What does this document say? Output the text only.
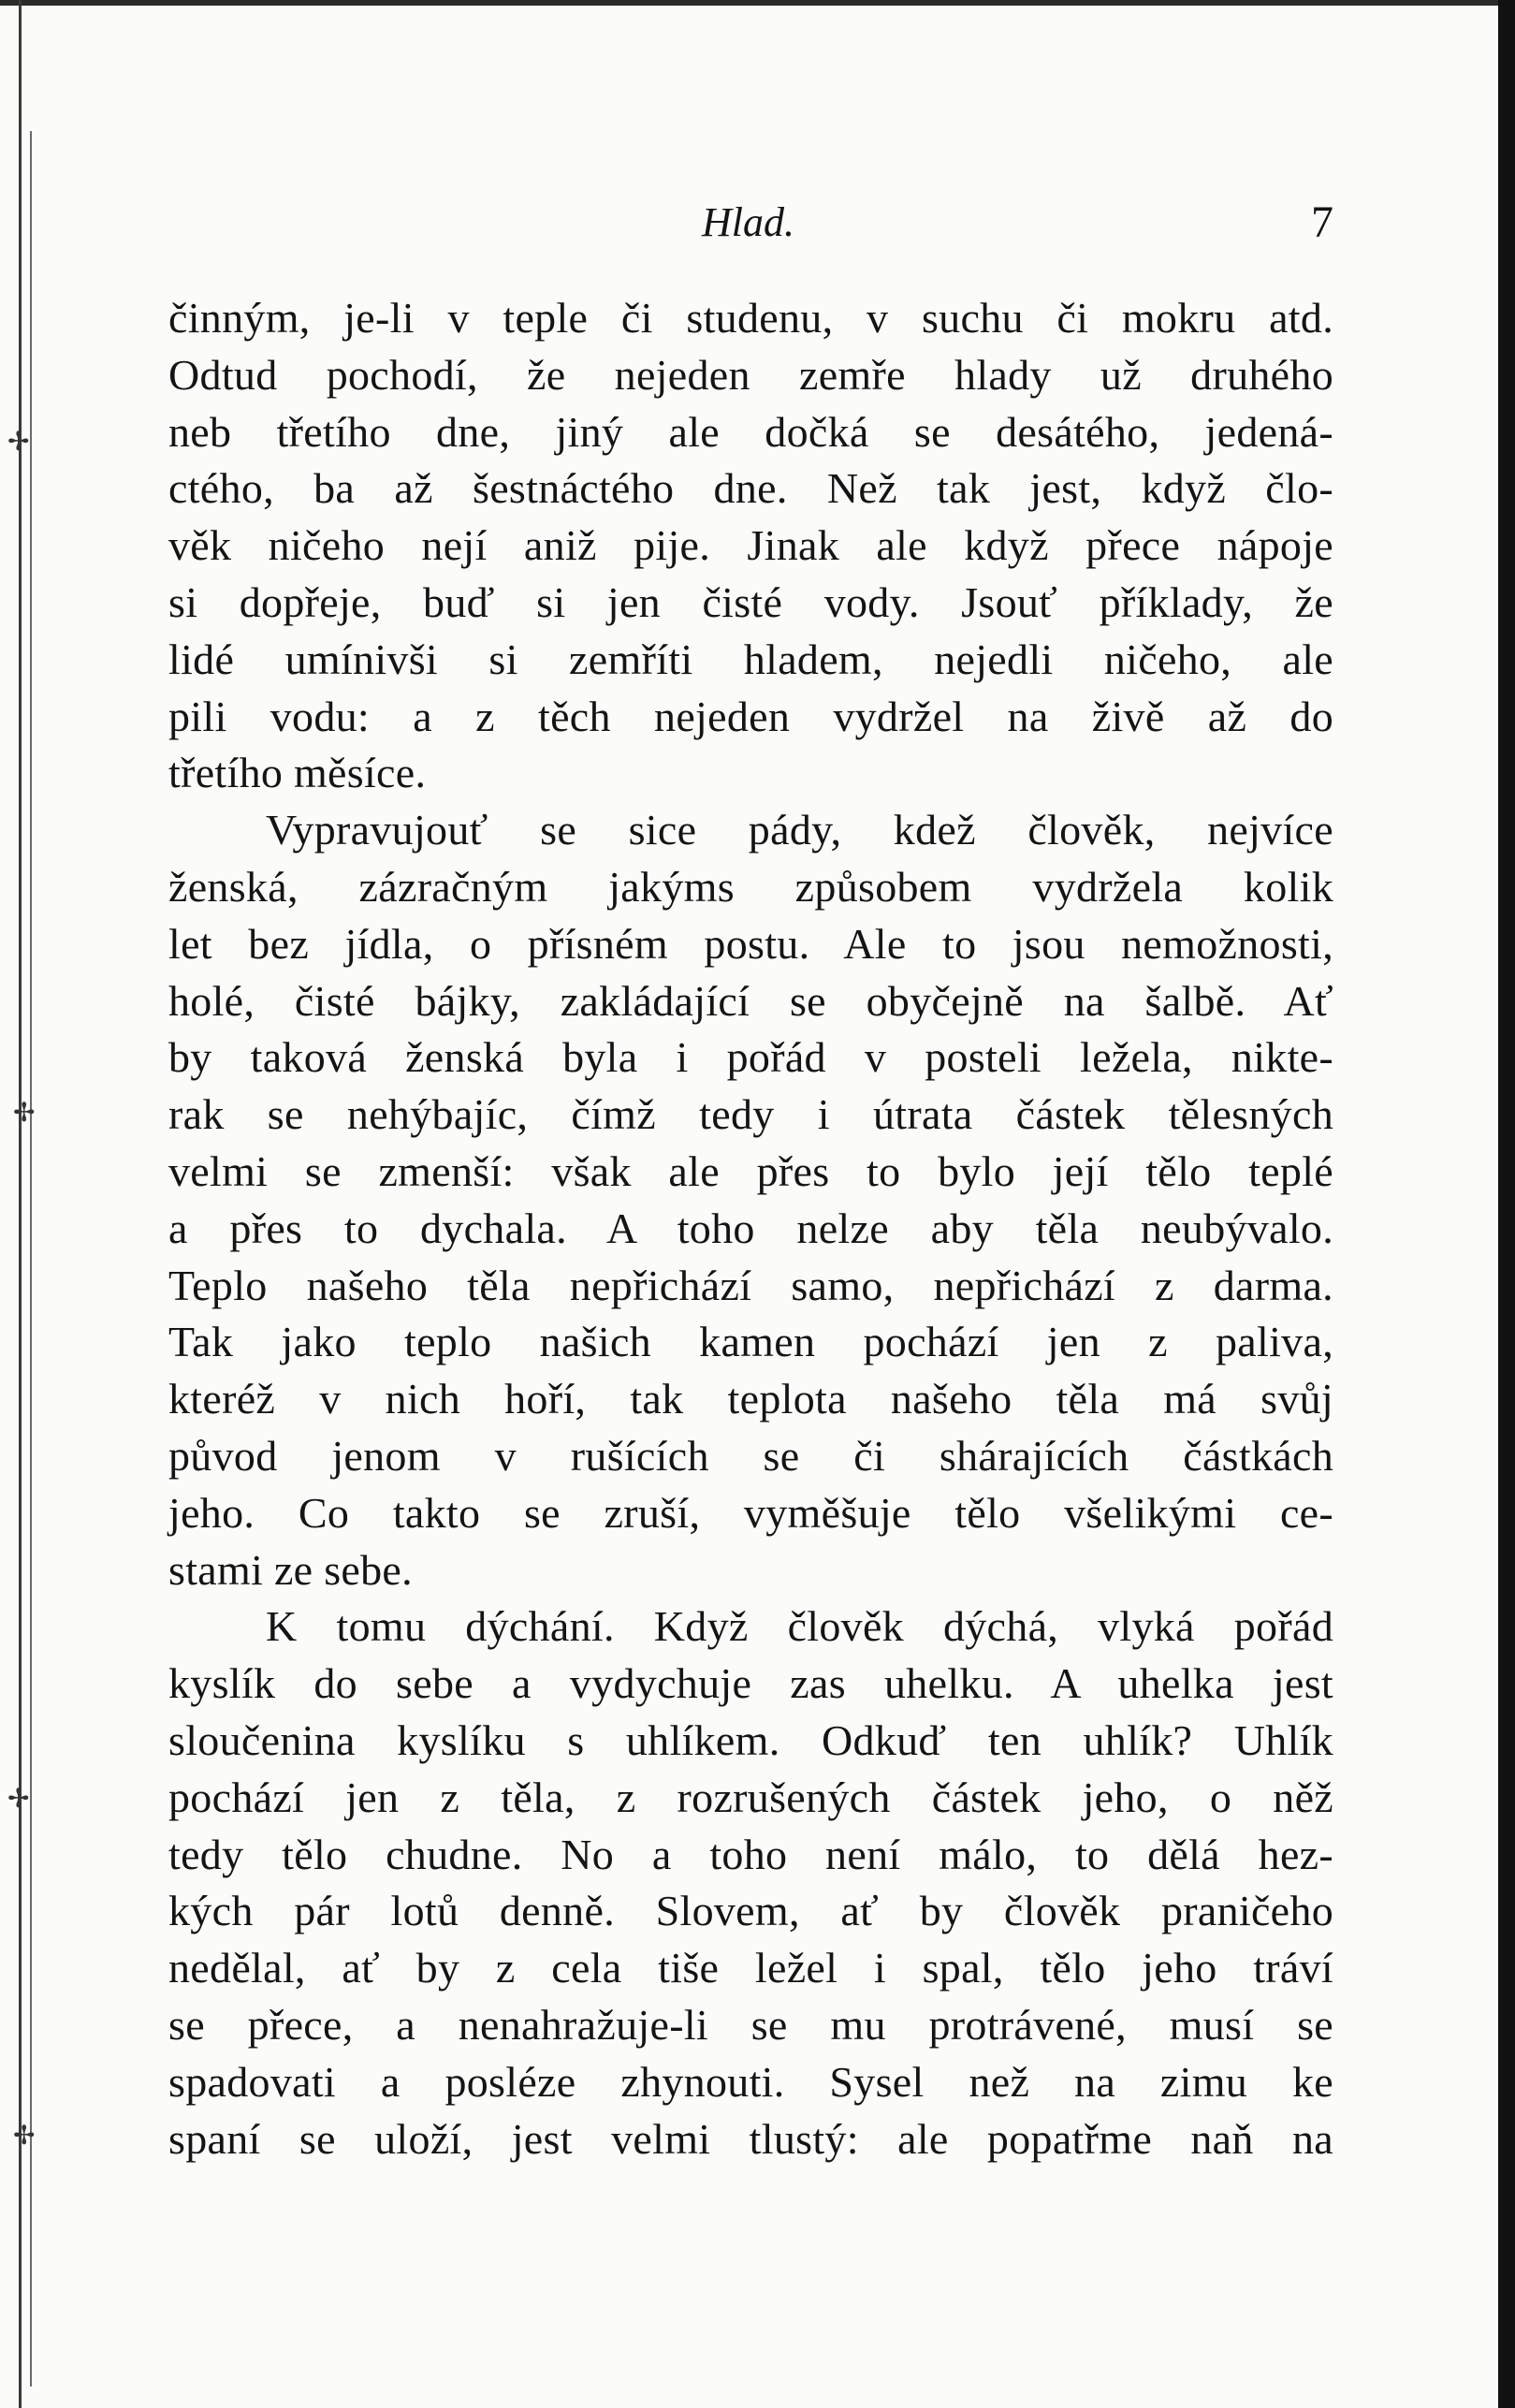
✢
✢
✢
✢
Hlad.	7
činným, je-li v teple či studenu, v suchu či mokru atd.
Odtud pochodí, že nejeden zemře hlady už druhého
neb třetího dne, jiný ale dočká se desátého, jedená-
ctého, ba až šestnáctého dne. Než tak jest, když člo-
věk ničeho nejí aniž pije. Jinak ale když přece nápoje
si dopřeje, buď si jen čisté vody. Jsouť příklady, že
lidé umínivši si zemříti hladem, nejedli ničeho, ale
pili vodu: a z těch nejeden vydržel na živě až do
třetího měsíce.
Vypravujouť se sice pády, kdež člověk, nejvíce
ženská, zázračným jakýms způsobem vydržela kolik
let bez jídla, o přísném postu. Ale to jsou nemožnosti,
holé, čisté bájky, zakládající se obyčejně na šalbě. Ať
by taková ženská byla i pořád v posteli ležela, nikte-
rak se nehýbajíc, čímž tedy i útrata částek tělesných
velmi se zmenší: však ale přes to bylo její tělo teplé
a přes to dychala. A toho nelze aby těla neubývalo.
Teplo našeho těla nepřichází samo, nepřichází z darma.
Tak jako teplo našich kamen pochází jen z paliva,
kteréž v nich hoří, tak teplota našeho těla má svůj
původ jenom v rušících se či shárajících částkách
jeho. Co takto se zruší, vyměšuje tělo všelikými ce-
stami ze sebe.
K tomu dýchání. Když člověk dýchá, vlyká pořád
kyslík do sebe a vydychuje zas uhelku. A uhelka jest
sloučenina kyslíku s uhlíkem. Odkuď ten uhlík? Uhlík
pochází jen z těla, z rozrušených částek jeho, o něž
tedy tělo chudne. No a toho není málo, to dělá hez-
kých pár lotů denně. Slovem, ať by člověk praničeho
nedělal, ať by z cela tiše ležel i spal, tělo jeho tráví
se přece, a nenahražuje-li se mu protrávené, musí se
spadovati a posléze zhynouti. Sysel než na zimu ke
spaní se uloží, jest velmi tlustý: ale popatřme naň na
